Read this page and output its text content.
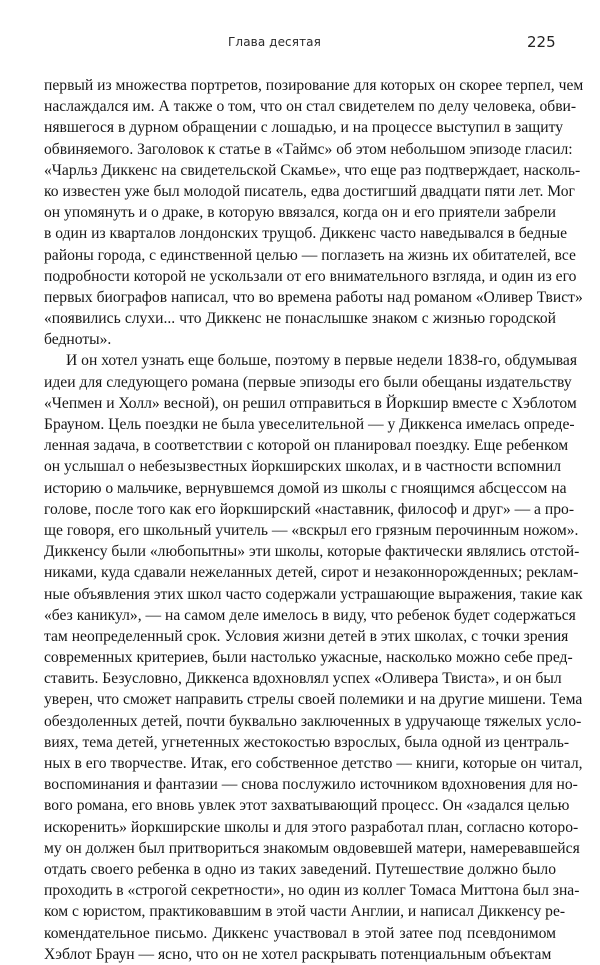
Глава десятая	225
первый из множества портретов, позирование для которых он скорее терпел, чем
наслаждался им. А также о том, что он стал свидетелем по делу человека, обви-
нявшегося в дурном обращении с лошадью, и на процессе выступил в защиту
обвиняемого. Заголовок к статье в «Таймс» об этом небольшом эпизоде гласил:
«Чарльз Диккенс на свидетельской Скамье», что еще раз подтверждает, насколь-
ко известен уже был молодой писатель, едва достигший двадцати пяти лет. Мог
он упомянуть и о драке, в которую ввязался, когда он и его приятели забрели
в один из кварталов лондонских трущоб. Диккенс часто наведывался в бедные
районы города, с единственной целью — поглазеть на жизнь их обитателей, все
подробности которой не ускользали от его внимательного взгляда, и один из его
первых биографов написал, что во времена работы над романом «Оливер Твист»
«появились слухи... что Диккенс не понаслышке знаком с жизнью городской
бедноты».
И он хотел узнать еще больше, поэтому в первые недели 1838-го, обдумывая
идеи для следующего романа (первые эпизоды его были обещаны издательству
«Чепмен и Холл» весной), он решил отправиться в Йоркшир вместе с Хэблотом
Брауном. Цель поездки не была увеселительной — у Диккенса имелась опреде-
ленная задача, в соответствии с которой он планировал поездку. Еще ребенком
он услышал о небезызвестных йоркширских школах, и в частности вспомнил
историю о мальчике, вернувшемся домой из школы с гноящимся абсцессом на
голове, после того как его йоркширский «наставник, философ и друг» — а про-
ще говоря, его школьный учитель — «вскрыл его грязным перочинным ножом».
Диккенсу были «любопытны» эти школы, которые фактически являлись отстой-
никами, куда сдавали нежеланных детей, сирот и незаконнорожденных; реклам-
ные объявления этих школ часто содержали устрашающие выражения, такие как
«без каникул», — на самом деле имелось в виду, что ребенок будет содержаться
там неопределенный срок. Условия жизни детей в этих школах, с точки зрения
современных критериев, были настолько ужасные, насколько можно себе пред-
ставить. Безусловно, Диккенса вдохновлял успех «Оливера Твиста», и он был
уверен, что сможет направить стрелы своей полемики и на другие мишени. Тема
обездоленных детей, почти буквально заключенных в удручающе тяжелых усло-
виях, тема детей, угнетенных жестокостью взрослых, была одной из централь-
ных в его творчестве. Итак, его собственное детство — книги, которые он читал,
воспоминания и фантазии — снова послужило источником вдохновения для но-
вого романа, его вновь увлек этот захватывающий процесс. Он «задался целью
искоренить» йоркширские школы и для этого разработал план, согласно которо-
му он должен был притвориться знакомым овдовевшей матери, намеревавшейся
отдать своего ребенка в одно из таких заведений. Путешествие должно было
проходить в «строгой секретности», но один из коллег Томаса Миттона был зна-
ком с юристом, практиковавшим в этой части Англии, и написал Диккенсу ре-
комендательное письмо. Диккенс участвовал в этой затее под псевдонимом
Хэблот Браун — ясно, что он не хотел раскрывать потенциальным объектам
